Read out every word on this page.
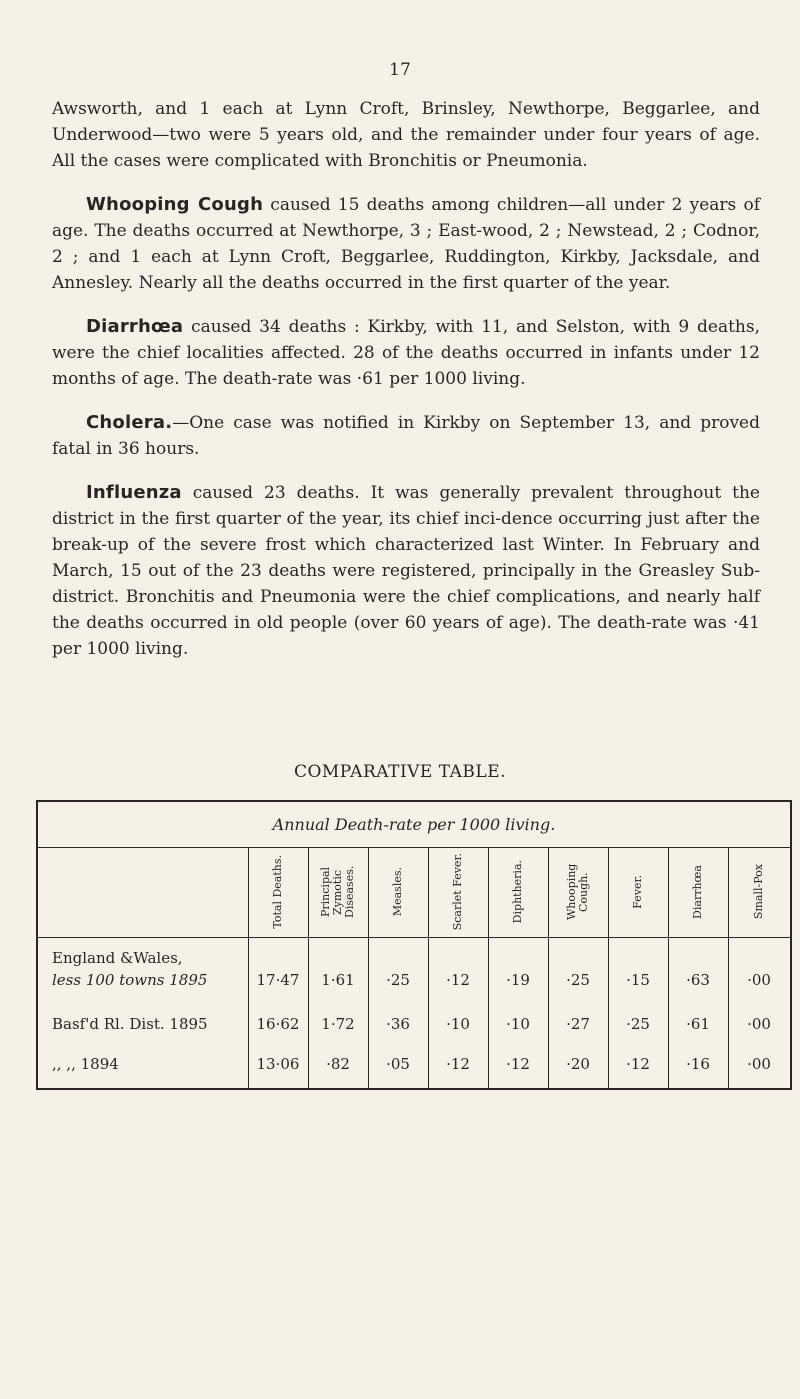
17

Awsworth, and 1 each at Lynn Croft, Brinsley, Newthorpe, Beggarlee, and Underwood—two were 5 years old, and the remainder under four years of age. All the cases were complicated with Bronchitis or Pneumonia.

Whooping Cough caused 15 deaths among children—all under 2 years of age. The deaths occurred at Newthorpe, 3 ; East-wood, 2 ; Newstead, 2 ; Codnor, 2 ; and 1 each at Lynn Croft, Beggarlee, Ruddington, Kirkby, Jacksdale, and Annesley. Nearly all the deaths occurred in the first quarter of the year.

Diarrhœa caused 34 deaths : Kirkby, with 11, and Selston, with 9 deaths, were the chief localities affected. 28 of the deaths occurred in infants under 12 months of age. The death-rate was ·61 per 1000 living.

Cholera.—One case was notified in Kirkby on September 13, and proved fatal in 36 hours.

Influenza caused 23 deaths. It was generally prevalent throughout the district in the first quarter of the year, its chief inci-dence occurring just after the break-up of the severe frost which characterized last Winter. In February and March, 15 out of the 23 deaths were registered, principally in the Greasley Sub-district. Bronchitis and Pneumonia were the chief complications, and nearly half the deaths occurred in old people (over 60 years of age). The death-rate was ·41 per 1000 living.

COMPARATIVE TABLE.
Annual Death-rate per 1000 living.
Total Deaths.	Principal Zymotic Diseases.	Measles.	Scarlet Fever.	Diphtheria.	Whooping Cough.	Fever.	Diarrhœa	Small-Pox
England &Wales,
less 100 towns 1895	17·47	1·61	·25	·12	·19	·25	·15	·63	·00
Basf'd Rl. Dist. 1895	16·62	1·72	·36	·10	·10	·27	·25	·61	·00
,, ,, 1894	13·06	·82	·05	·12	·12	·20	·12	·16	·00
